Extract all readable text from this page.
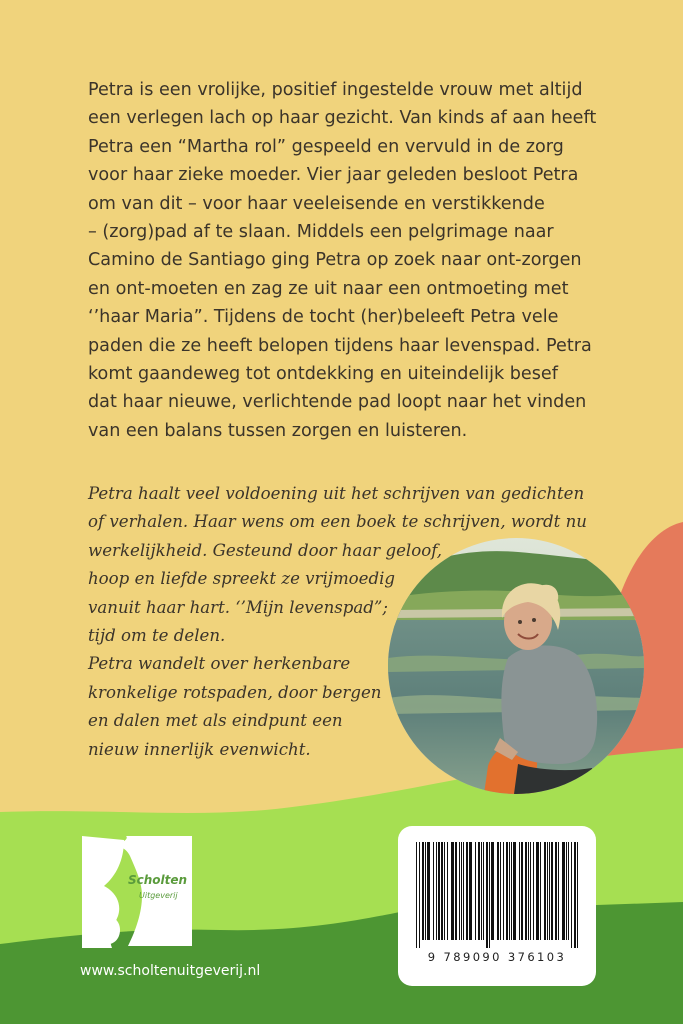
Petra is een vrolijke, positief ingestelde vrouw met altijd
een verlegen lach op haar gezicht. Van kinds af aan heeft
Petra een “Martha rol” gespeeld en vervuld in de zorg
voor haar zieke moeder. Vier jaar geleden besloot Petra
om van dit – voor haar veeleisende en verstikkende
– (zorg)pad af te slaan. Middels een pelgrimage naar
Camino de Santiago ging Petra op zoek naar ont-zorgen
en ont-moeten en zag ze uit naar een ontmoeting met
‘’haar Maria”. Tijdens de tocht (her)beleeft Petra vele
paden die ze heeft belopen tijdens haar levenspad. Petra
komt gaandeweg tot ontdekking en uiteindelijk besef
dat haar nieuwe, verlichtende pad loopt naar het vinden
van een balans tussen zorgen en luisteren.

Petra haalt veel voldoening uit het schrijven van gedichten
of verhalen. Haar wens om een boek te schrijven, wordt nu
werkelijkheid. Gesteund door haar geloof,
hoop en liefde spreekt ze vrijmoedig
vanuit haar hart. ‘’Mijn levenspad”;
tijd om te delen.
Petra wandelt over herkenbare
kronkelige rotspaden, door bergen
en dalen met als eindpunt een
nieuw innerlijk evenwicht.

Scholten
Uitgeverij
www.scholtenuitgeverij.nl
9 789090 376103
